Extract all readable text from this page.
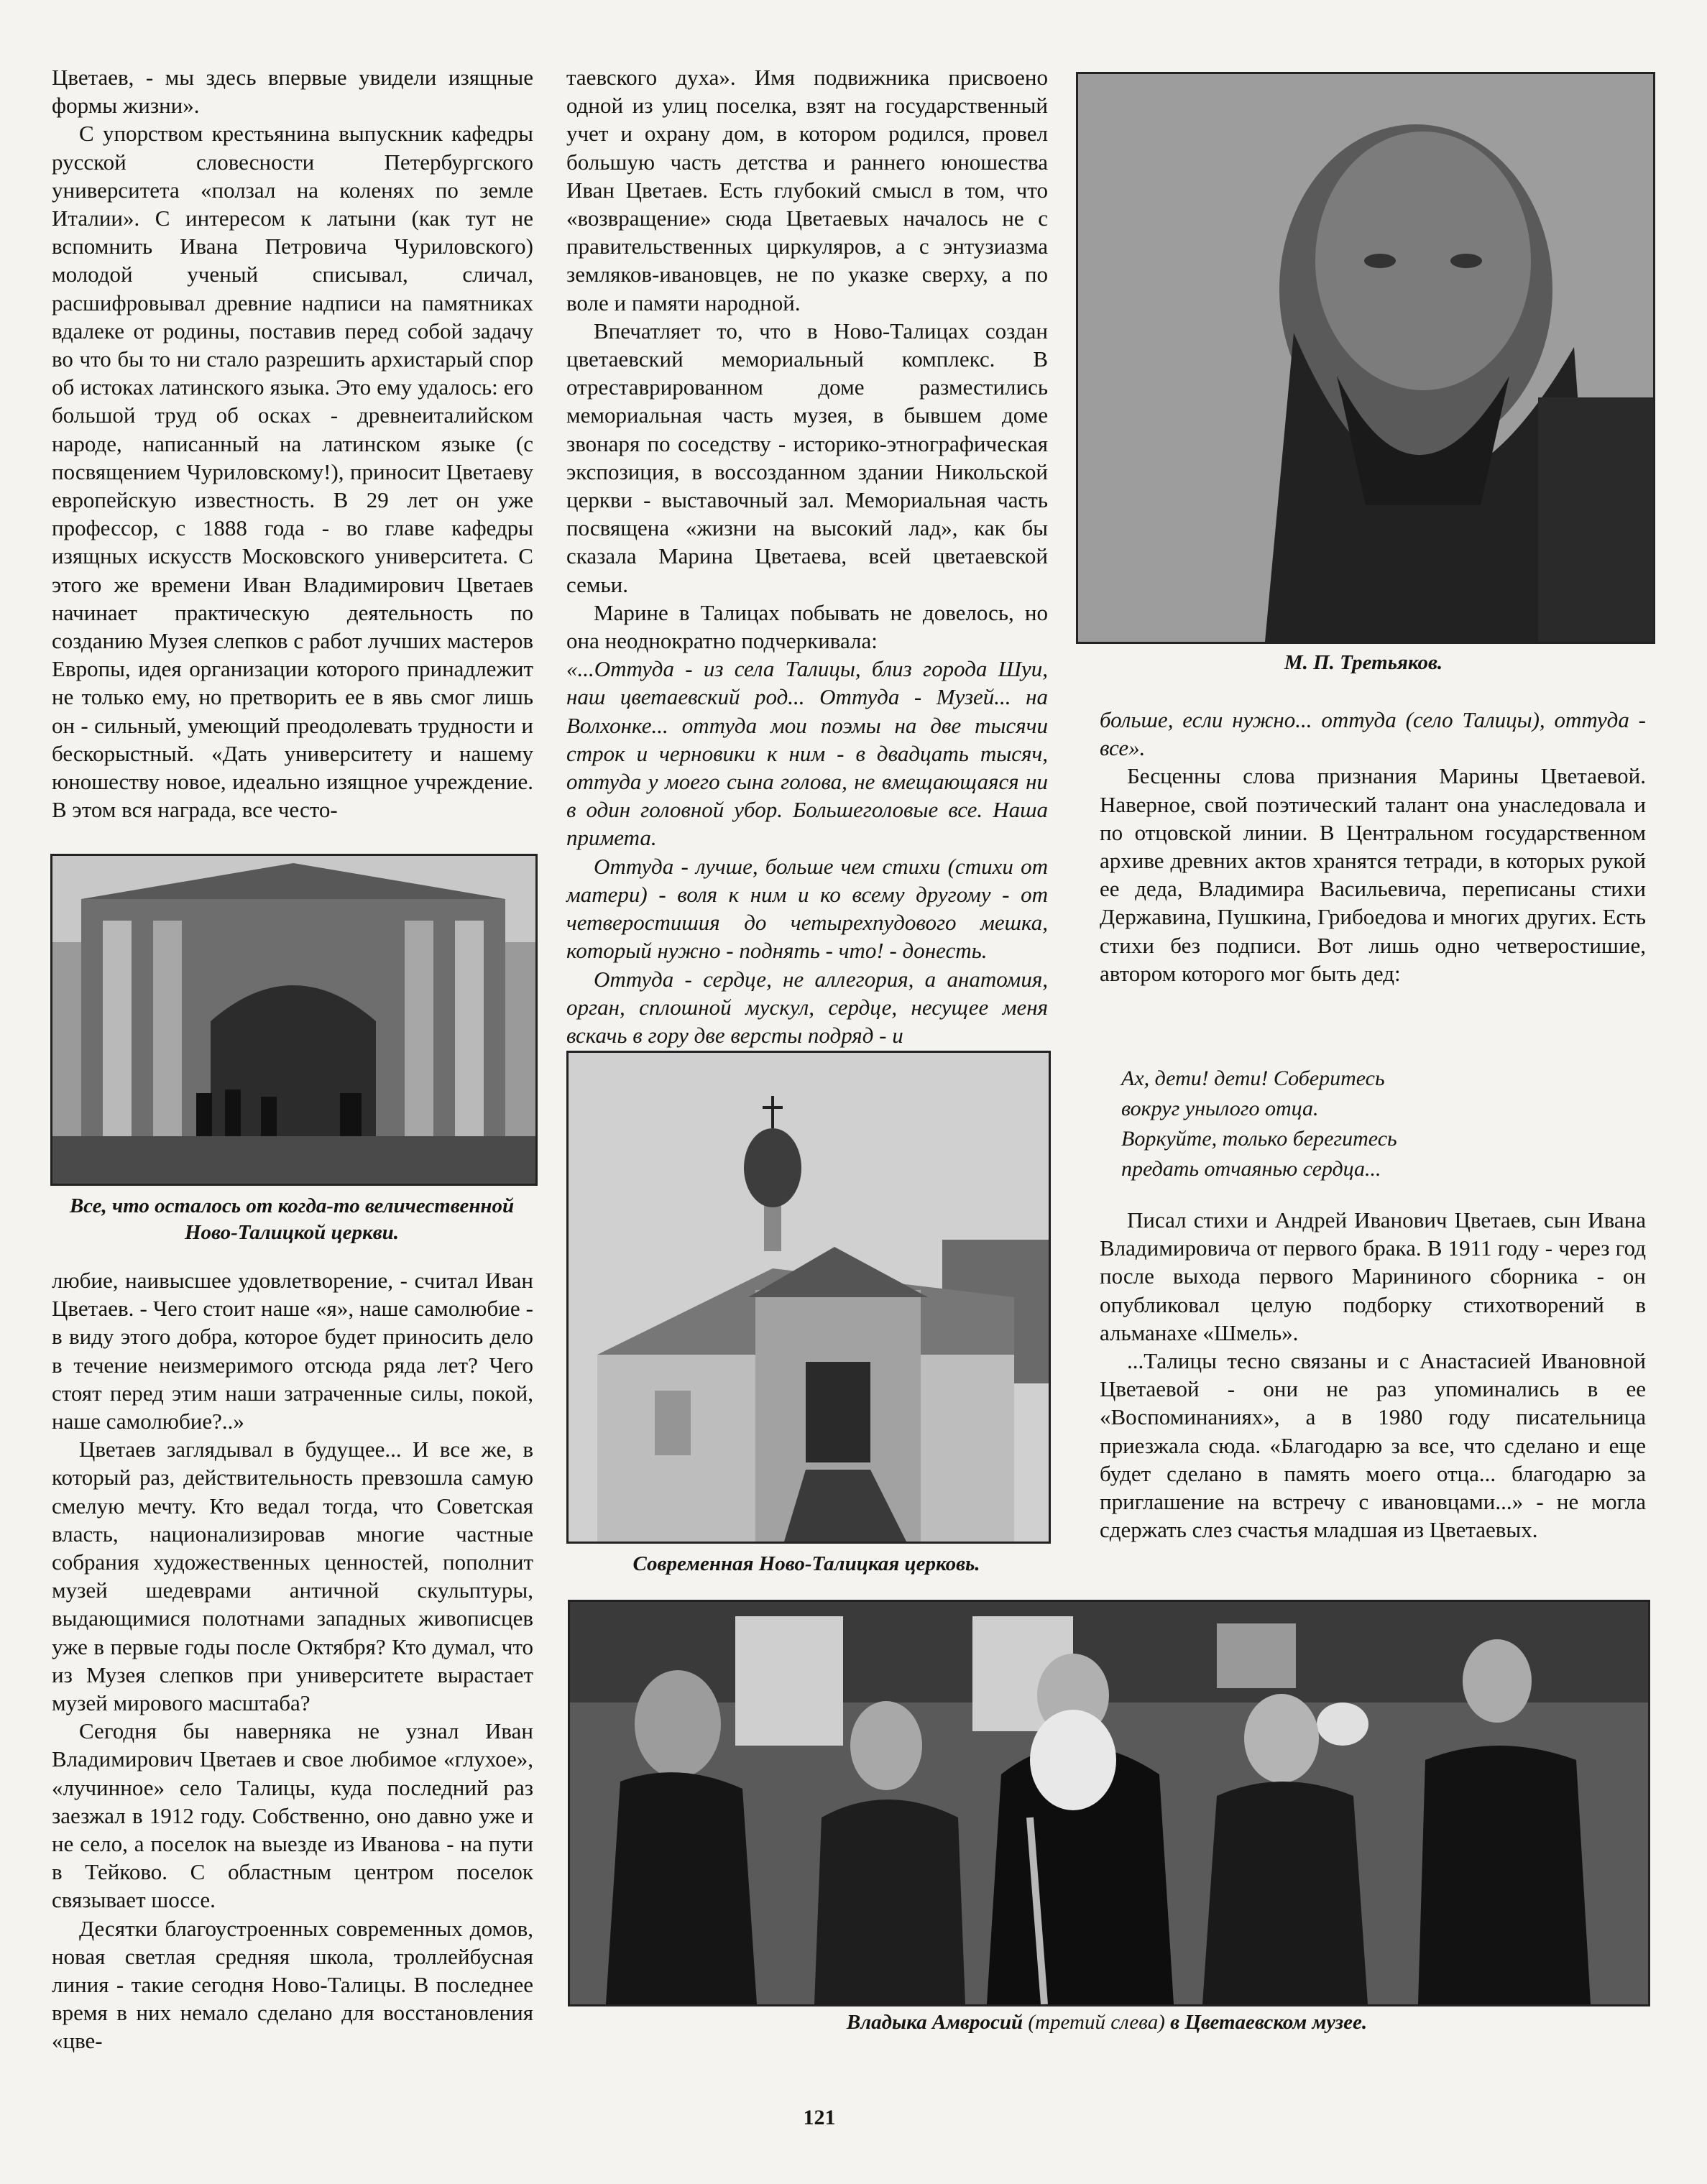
Цветаев, - мы здесь впервые увидели изящные формы жизни».

С упорством крестьянина выпускник кафедры русской словесности Петербургского университета «ползал на коленях по земле Италии». С интересом к латыни (как тут не вспомнить Ивана Петровича Чуриловского) молодой ученый списывал, сличал, расшифровывал древние надписи на памятниках вдалеке от родины, поставив перед собой задачу во что бы то ни стало разрешить архистарый спор об истоках латинского языка. Это ему удалось: его большой труд об осках - древнеиталийском народе, написанный на латинском языке (с посвящением Чуриловскому!), приносит Цветаеву европейскую известность. В 29 лет он уже профессор, с 1888 года - во главе кафедры изящных искусств Московского университета. С этого же времени Иван Владимирович Цветаев начинает практическую деятельность по созданию Музея слепков с работ лучших мастеров Европы, идея организации которого принадлежит не только ему, но претворить ее в явь смог лишь он - сильный, умеющий преодолевать трудности и бескорыстный. «Дать университету и нашему юношеству новое, идеально изящное учреждение. В этом вся награда, все често-

Все, что осталось от когда-то величественной Ново-Талицкой церкви.

любие, наивысшее удовлетворение, - считал Иван Цветаев. - Чего стоит наше «я», наше самолюбие - в виду этого добра, которое будет приносить дело в течение неизмеримого отсюда ряда лет? Чего стоят перед этим наши затраченные силы, покой, наше самолюбие?..»

Цветаев заглядывал в будущее... И все же, в который раз, действительность превзошла самую смелую мечту. Кто ведал тогда, что Советская власть, национализировав многие частные собрания художественных ценностей, пополнит музей шедеврами античной скульптуры, выдающимися полотнами западных живописцев уже в первые годы после Октября? Кто думал, что из Музея слепков при университете вырастает музей мирового масштаба?

Сегодня бы наверняка не узнал Иван Владимирович Цветаев и свое любимое «глухое», «лучинное» село Талицы, куда последний раз заезжал в 1912 году. Собственно, оно давно уже и не село, а поселок на выезде из Иванова - на пути в Тейково. С областным центром поселок связывает шоссе.

Десятки благоустроенных современных домов, новая светлая средняя школа, троллейбусная линия - такие сегодня Ново-Талицы. В последнее время в них немало сделано для восстановления «цве-

таевского духа». Имя подвижника присвоено одной из улиц поселка, взят на государственный учет и охрану дом, в котором родился, провел большую часть детства и раннего юношества Иван Цветаев. Есть глубокий смысл в том, что «возвращение» сюда Цветаевых началось не с правительственных циркуляров, а с энтузиазма земляков-ивановцев, не по указке сверху, а по воле и памяти народной.

Впечатляет то, что в Ново-Талицах создан цветаевский мемориальный комплекс. В отреставрированном доме разместились мемориальная часть музея, в бывшем доме звонаря по соседству - историко-этнографическая экспозиция, в воссозданном здании Никольской церкви - выставочный зал. Мемориальная часть посвящена «жизни на высокий лад», как бы сказала Марина Цветаева, всей цветаевской семьи.

Марине в Талицах побывать не довелось, но она неоднократно подчеркивала:

«...Оттуда - из села Талицы, близ города Шуи, наш цветаевский род... Оттуда - Музей... на Волхонке... оттуда мои поэмы на две тысячи строк и черновики к ним - в двадцать тысяч, оттуда у моего сына голова, не вмещающаяся ни в один головной убор. Большеголовые все. Наша примета.

Оттуда - лучше, больше чем стихи (стихи от матери) - воля к ним и ко всему другому - от четверостишия до четырехпудового мешка, который нужно - поднять - что! - донесть.

Оттуда - сердце, не аллегория, а анатомия, орган, сплошной мускул, сердце, несущее меня вскачь в гору две версты подряд - и

Современная Ново-Талицкая церковь.
М. П. Третьяков.

больше, если нужно... оттуда (село Талицы), оттуда - все».

Бесценны слова признания Марины Цветаевой. Наверное, свой поэтический талант она унаследовала и по отцовской линии. В Центральном государственном архиве древних актов хранятся тетради, в которых рукой ее деда, Владимира Васильевича, переписаны стихи Державина, Пушкина, Грибоедова и многих других. Есть стихи без подписи. Вот лишь одно четверостишие, автором которого мог быть дед:

Ах, дети! дети! Соберитесь
вокруг унылого отца.
Воркуйте, только берегитесь
предать отчаянью сердца...

Писал стихи и Андрей Иванович Цветаев, сын Ивана Владимировича от первого брака. В 1911 году - через год после выхода первого Марининого сборника - он опубликовал целую подборку стихотворений в альманахе «Шмель».

...Талицы тесно связаны и с Анастасией Ивановной Цветаевой - они не раз упоминались в ее «Воспоминаниях», а в 1980 году писательница приезжала сюда. «Благодарю за все, что сделано и еще будет сделано в память моего отца... благодарю за приглашение на встречу с ивановцами...» - не могла сдержать слез счастья младшая из Цветаевых.

Владыка Амвросий (третий слева) в Цветаевском музее.
121
